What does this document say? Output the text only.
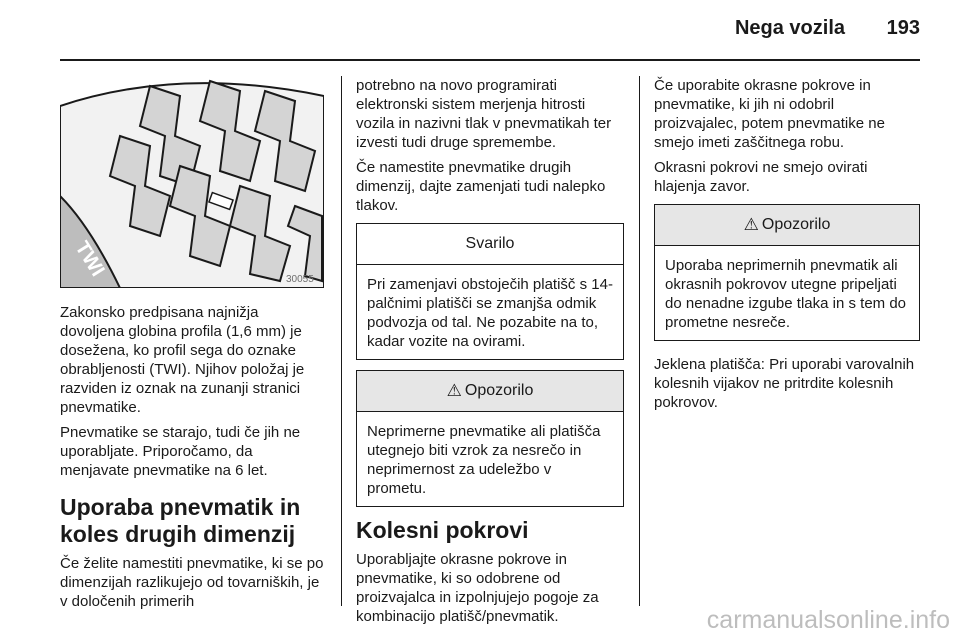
Nega vozila	193
TWI	30055

Zakonsko predpisana najnižja dovoljena globina profila (1,6 mm) je dosežena, ko profil sega do oznake obrabljenosti (TWI). Njihov položaj je razviden iz oznak na zunanji stranici pnevmatike.

Pnevmatike se starajo, tudi če jih ne uporabljate. Priporočamo, da menjavate pnevmatike na 6 let.

Uporaba pnevmatik in koles drugih dimenzij

Če želite namestiti pnevmatike, ki se po dimenzijah razlikujejo od tovarniških, je v določenih primerih

potrebno na novo programirati elektronski sistem merjenja hitrosti vozila in nazivni tlak v pnevmatikah ter izvesti tudi druge spremembe.

Če namestite pnevmatike drugih dimenzij, dajte zamenjati tudi nalepko tlakov.

Svarilo
Pri zamenjavi obstoječih platišč s 14-palčnimi platišči se zmanjša odmik podvozja od tal. Ne pozabite na to, kadar vozite na ovirami.
⚠ Opozorilo
Neprimerne pnevmatike ali platišča utegnejo biti vzrok za nesrečo in neprimernost za udeležbo v prometu.
Kolesni pokrovi

Uporabljajte okrasne pokrove in pnevmatike, ki so odobrene od proizvajalca in izpolnjujejo pogoje za kombinacijo platišč/pnevmatik.

Če uporabite okrasne pokrove in pnevmatike, ki jih ni odobril proizvajalec, potem pnevmatike ne smejo imeti zaščitnega robu.

Okrasni pokrovi ne smejo ovirati hlajenja zavor.

⚠ Opozorilo
Uporaba neprimernih pnevmatik ali okrasnih pokrovov utegne pripeljati do nenadne izgube tlaka in s tem do prometne nesreče.

Jeklena platišča: Pri uporabi varovalnih kolesnih vijakov ne pritrdite kolesnih pokrovov.

carmanualsonline.info
